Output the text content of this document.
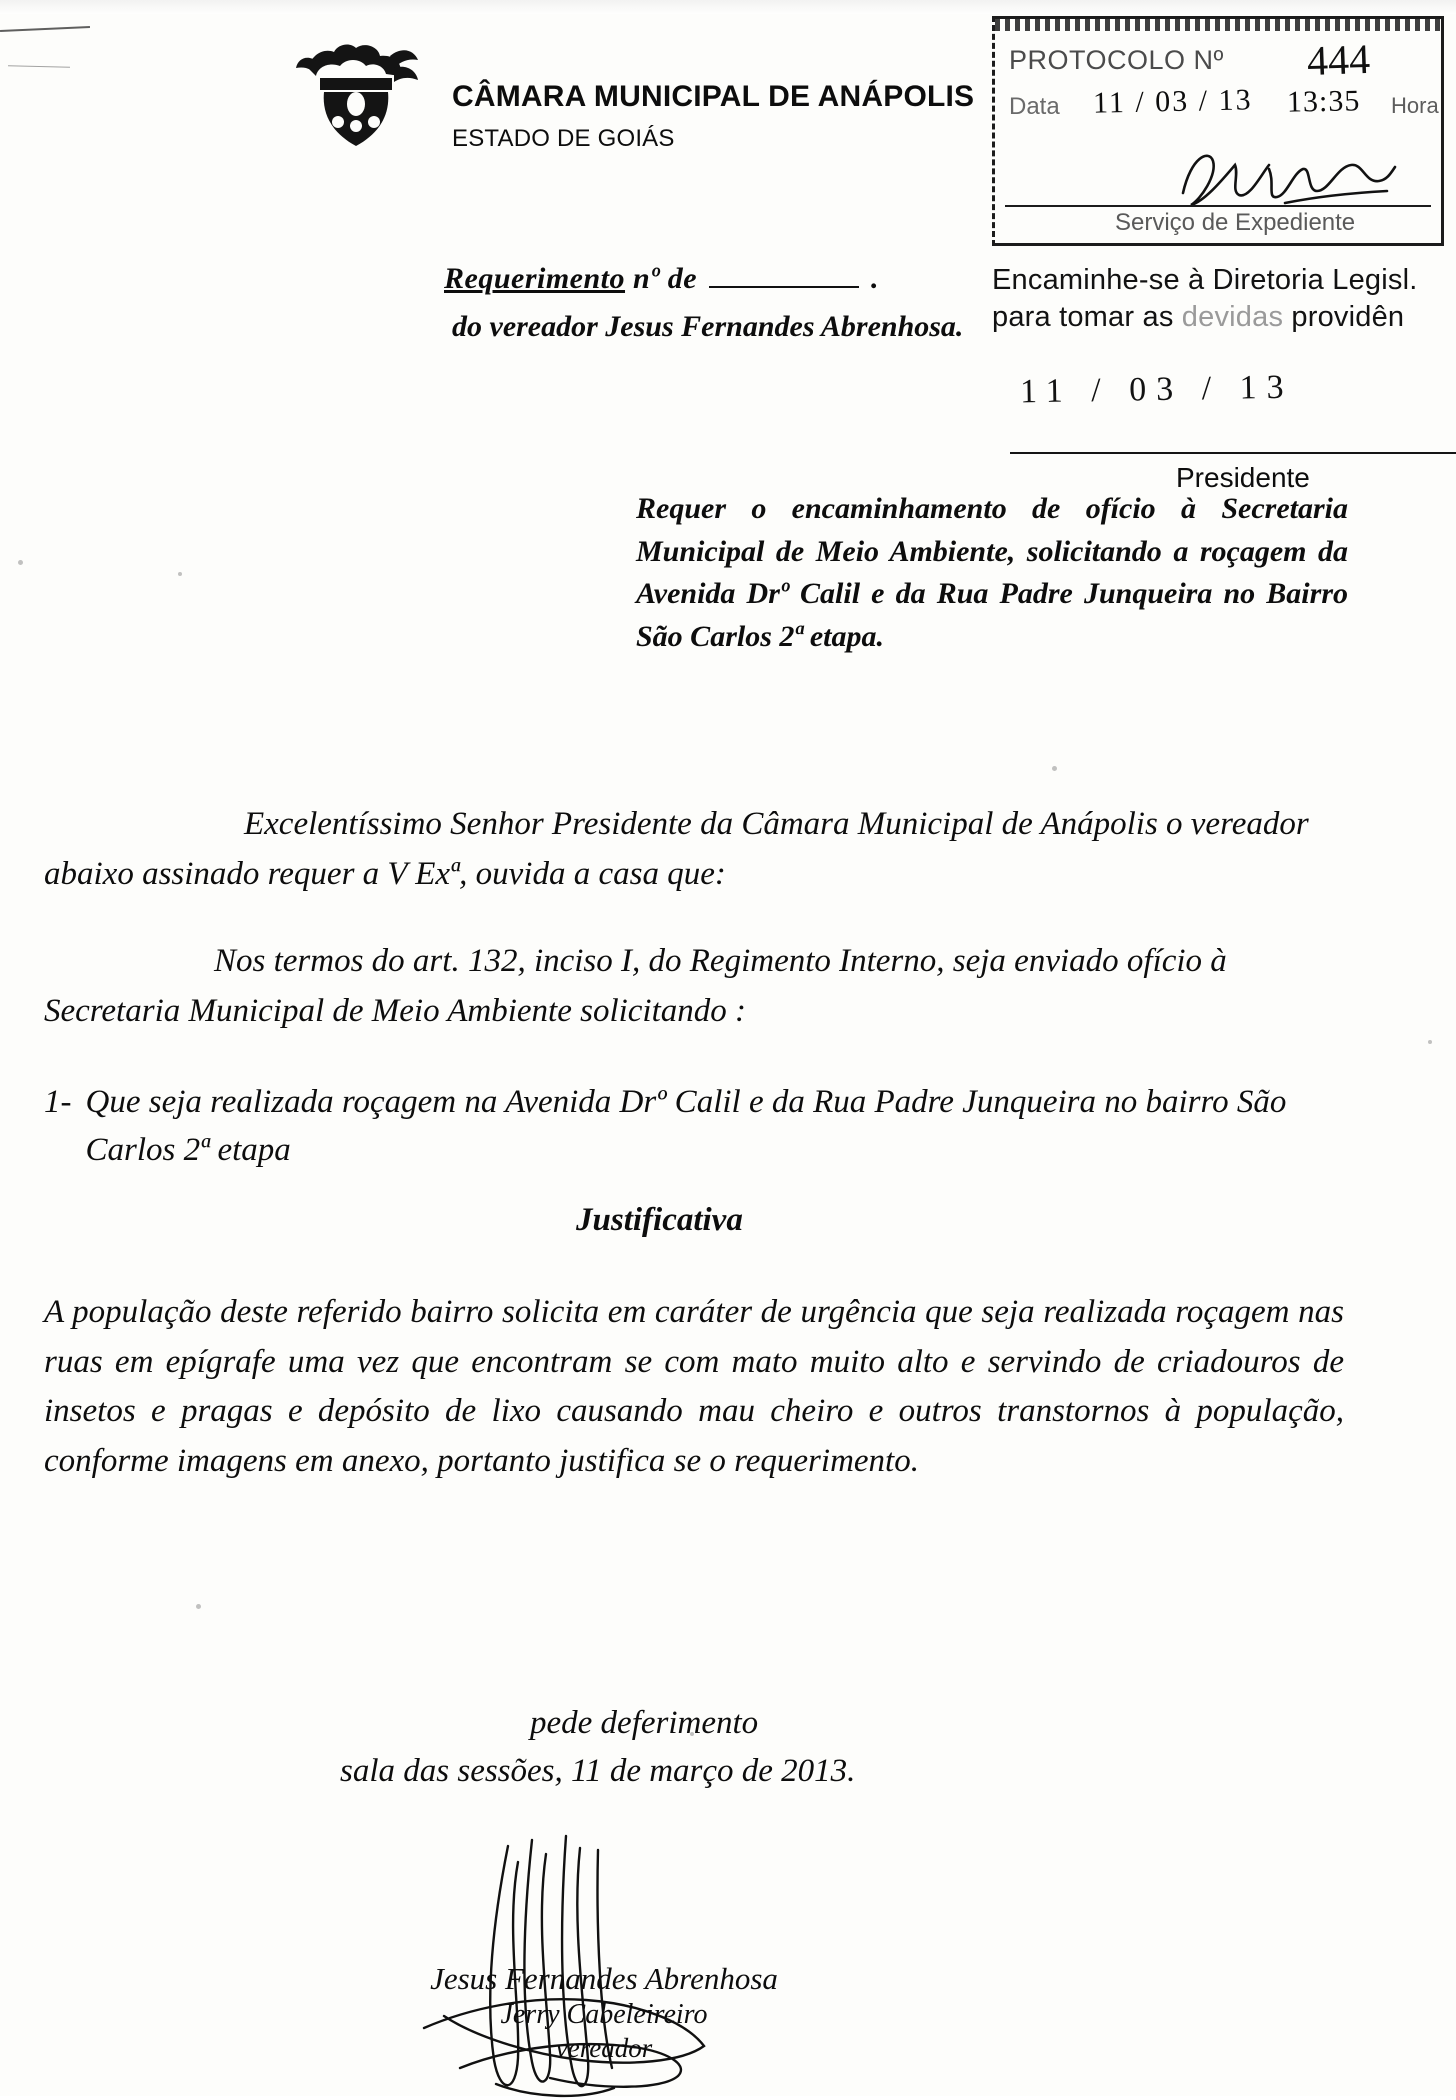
CÂMARA MUNICIPAL DE ANÁPOLIS
ESTADO DE GOIÁS
PROTOCOLO Nº 444
Data 11 / 03 / 13 13:35 Hora
Serviço de Expediente
Encaminhe-se à Diretoria Legisl.
para tomar as devidas providên
11 / 03 / 13
Presidente
Requerimento nº de	.
do vereador Jesus Fernandes Abrenhosa.
Requer o encaminhamento de ofício à Secretaria Municipal de Meio Ambiente, solicitando a roçagem da Avenida Drº Calil e da Rua Padre Junqueira no Bairro São Carlos 2ª etapa.

Excelentíssimo Senhor Presidente da Câmara Municipal de Anápolis o vereador abaixo assinado requer a V Exª, ouvida a casa que:

Nos termos do art. 132, inciso I, do Regimento Interno, seja enviado ofício à Secretaria Municipal de Meio Ambiente solicitando :

1- Que seja realizada roçagem na Avenida Drº Calil e da Rua Padre Junqueira no bairro São Carlos 2ª etapa
Justificativa
A população deste referido bairro solicita em caráter de urgência que seja realizada roçagem nas ruas em epígrafe uma vez que encontram se com mato muito alto e servindo de criadouros de insetos e pragas e depósito de lixo causando mau cheiro e outros transtornos à população, conforme imagens em anexo, portanto justifica se o requerimento.
pede deferimento
sala das sessões, 11 de março de 2013.
Jesus Fernandes Abrenhosa
Jerry Cabeleireiro
vereador
